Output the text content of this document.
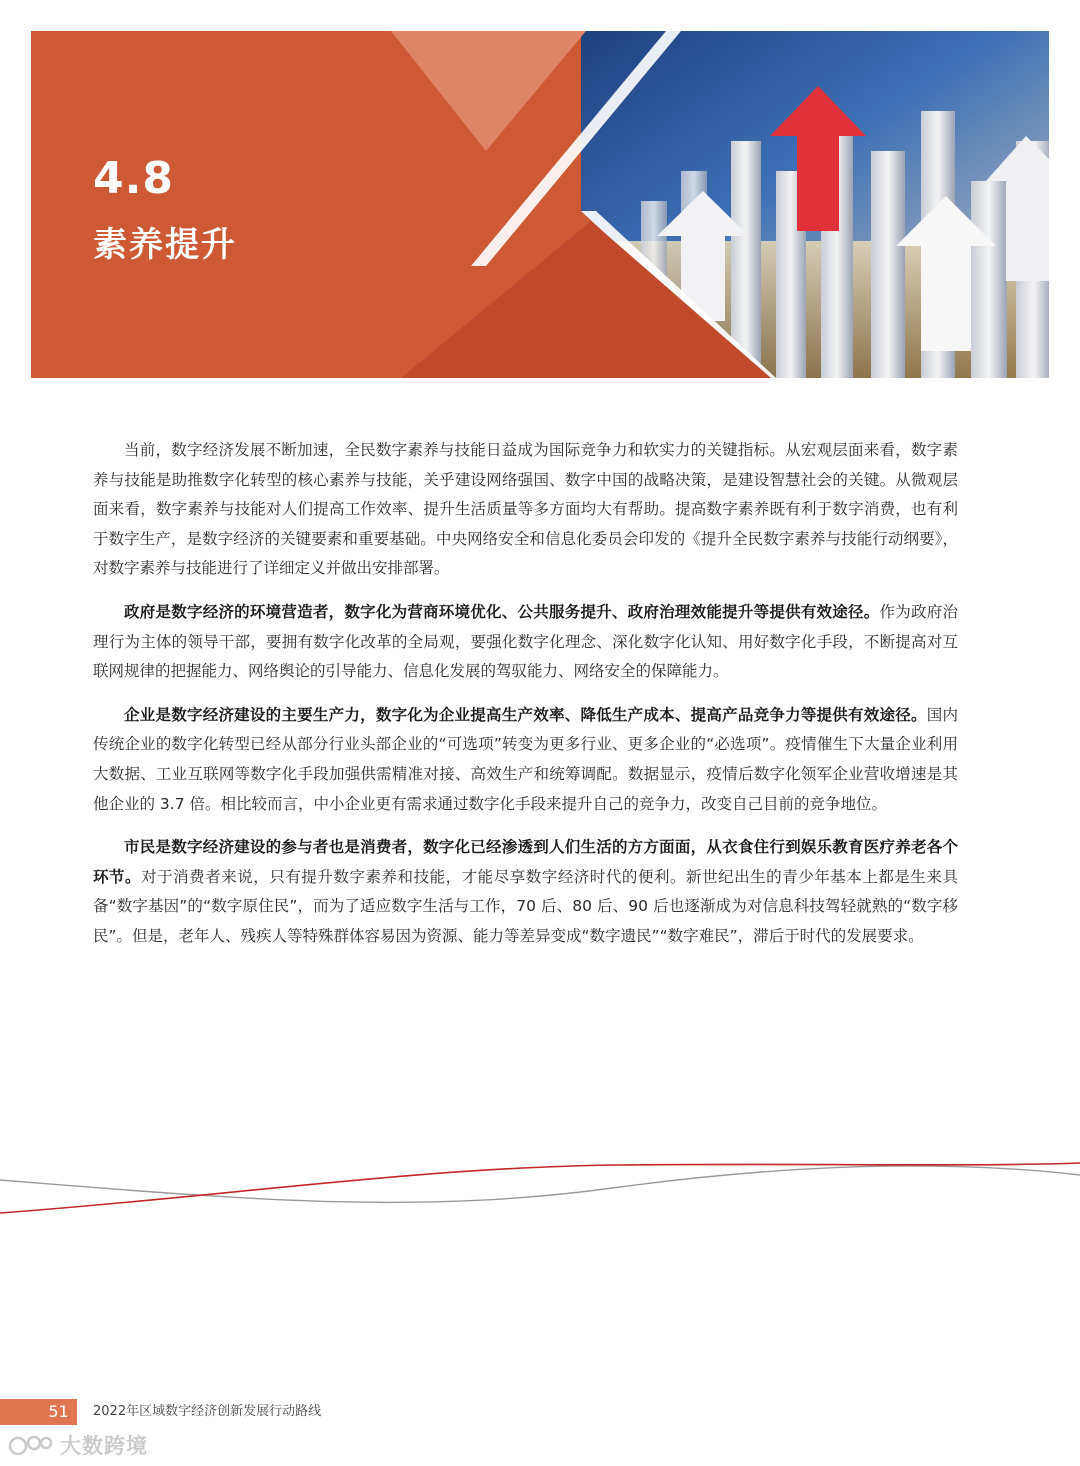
4.8
素养提升

当前，数字经济发展不断加速，全民数字素养与技能日益成为国际竞争力和软实力的关键指标。从宏观层面来看，数字素养与技能是助推数字化转型的核心素养与技能，关乎建设网络强国、数字中国的战略决策，是建设智慧社会的关键。从微观层面来看，数字素养与技能对人们提高工作效率、提升生活质量等多方面均大有帮助。提高数字素养既有利于数字消费，也有利于数字生产，是数字经济的关键要素和重要基础。中央网络安全和信息化委员会印发的《提升全民数字素养与技能行动纲要》，对数字素养与技能进行了详细定义并做出安排部署。

政府是数字经济的环境营造者，数字化为营商环境优化、公共服务提升、政府治理效能提升等提供有效途径。作为政府治理行为主体的领导干部，要拥有数字化改革的全局观，要强化数字化理念、深化数字化认知、用好数字化手段，不断提高对互联网规律的把握能力、网络舆论的引导能力、信息化发展的驾驭能力、网络安全的保障能力。

企业是数字经济建设的主要生产力，数字化为企业提高生产效率、降低生产成本、提高产品竞争力等提供有效途径。国内传统企业的数字化转型已经从部分行业头部企业的“可选项”转变为更多行业、更多企业的“必选项”。疫情催生下大量企业利用大数据、工业互联网等数字化手段加强供需精准对接、高效生产和统筹调配。数据显示，疫情后数字化领军企业营收增速是其他企业的 3.7 倍。相比较而言，中小企业更有需求通过数字化手段来提升自己的竞争力，改变自己目前的竞争地位。

市民是数字经济建设的参与者也是消费者，数字化已经渗透到人们生活的方方面面，从衣食住行到娱乐教育医疗养老各个环节。对于消费者来说，只有提升数字素养和技能，才能尽享数字经济时代的便利。新世纪出生的青少年基本上都是生来具备“数字基因”的“数字原住民”，而为了适应数字生活与工作，70 后、80 后、90 后也逐渐成为对信息科技驾轻就熟的“数字移民”。但是，老年人、残疾人等特殊群体容易因为资源、能力等差异变成“数字遗民”“数字难民”，滞后于时代的发展要求。

51	2022年区域数字经济创新发展行动路线
大数跨境
